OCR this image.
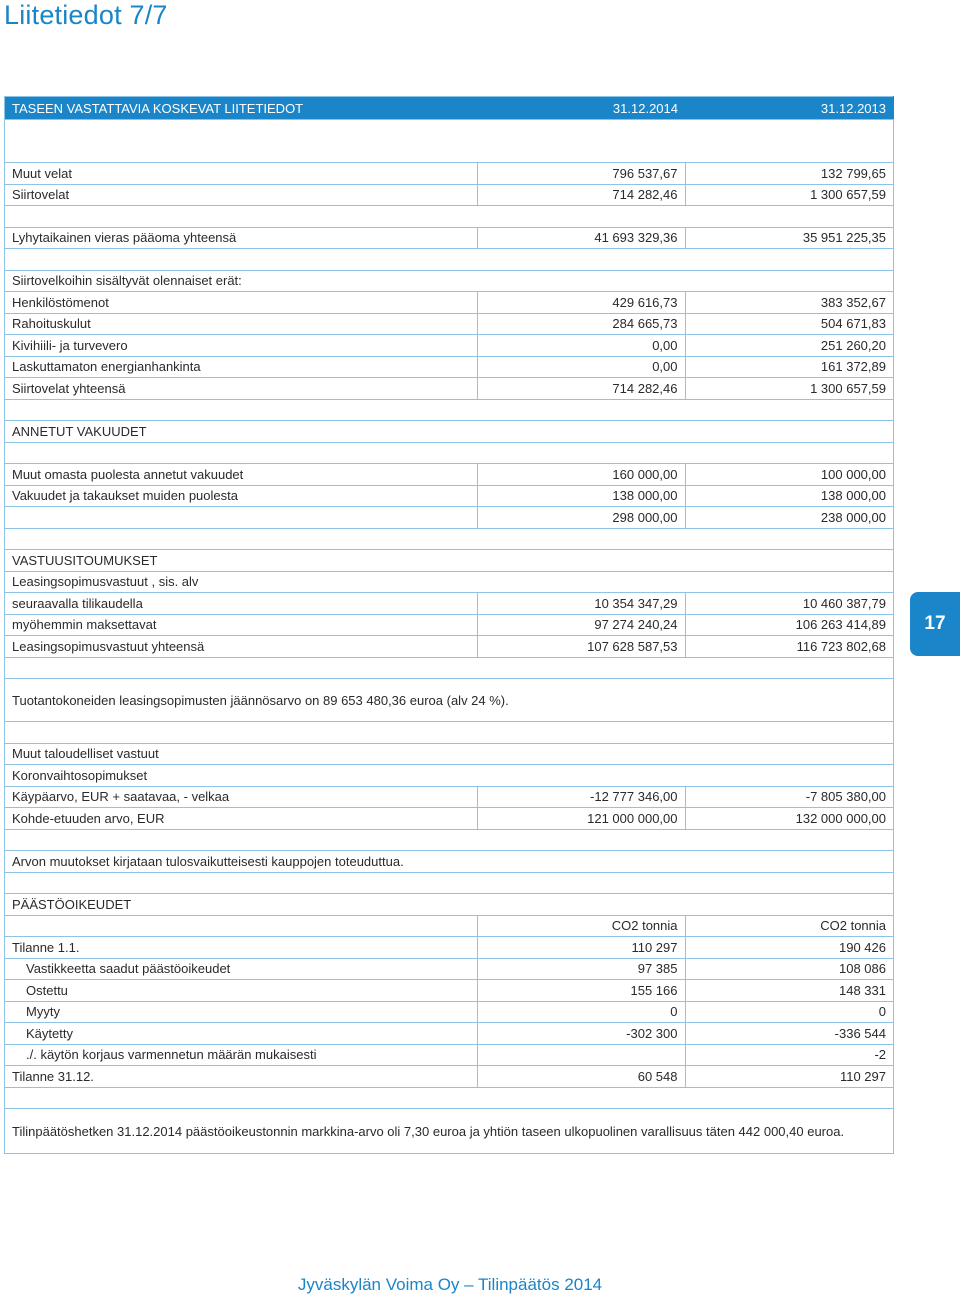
Liitetiedot 7/7
TASEEN VASTATTAVIA KOSKEVAT LIITETIEDOT	31.12.2014	31.12.2013

Muut velat	796 537,67	132 799,65
Siirtovelat	714 282,46	1 300 657,59

Lyhytaikainen vieras pääoma yhteensä	41 693 329,36	35 951 225,35

Siirtovelkoihin sisältyvät olennaiset erät:		
Henkilöstömenot	429 616,73	383 352,67
Rahoituskulut	284 665,73	504 671,83
Kivihiili- ja turvevero	0,00	251 260,20
Laskuttamaton energianhankinta	0,00	161 372,89
Siirtovelat yhteensä	714 282,46	1 300 657,59

ANNETUT VAKUUDET		

Muut omasta puolesta annetut vakuudet	160 000,00	100 000,00
Vakuudet ja takaukset muiden puolesta	138 000,00	138 000,00
	298 000,00	238 000,00

VASTUUSITOUMUKSET		
Leasingsopimusvastuut , sis. alv		
seuraavalla tilikaudella	10 354 347,29	10 460 387,79
myöhemmin maksettavat	97 274 240,24	106 263 414,89
Leasingsopimusvastuut yhteensä	107 628 587,53	116 723 802,68

Tuotantokoneiden leasingsopimusten jäännösarvo on 89 653 480,36 euroa (alv 24 %).		

Muut taloudelliset vastuut		
Koronvaihtosopimukset		
Käypäarvo, EUR + saatavaa, - velkaa	-12 777 346,00	-7 805 380,00
Kohde-etuuden arvo, EUR	121 000 000,00	132 000 000,00

Arvon muutokset kirjataan tulosvaikutteisesti kauppojen toteuduttua.		

PÄÄSTÖOIKEUDET		
	CO2 tonnia	CO2 tonnia
Tilanne 1.1.	110 297	190 426
Vastikkeetta saadut päästöoikeudet	97 385	108 086
Ostettu	155 166	148 331
Myyty	0	0
Käytetty	-302 300	-336 544
./. käytön korjaus varmennetun määrän mukaisesti		-2
Tilanne 31.12.	60 548	110 297

Tilinpäätöshetken 31.12.2014 päästöoikeustonnin markkina-arvo oli 7,30 euroa ja yhtiön taseen ulkopuolinen varallisuus täten 442 000,40 euroa.		
17
Jyväskylän Voima Oy – Tilinpäätös 2014
